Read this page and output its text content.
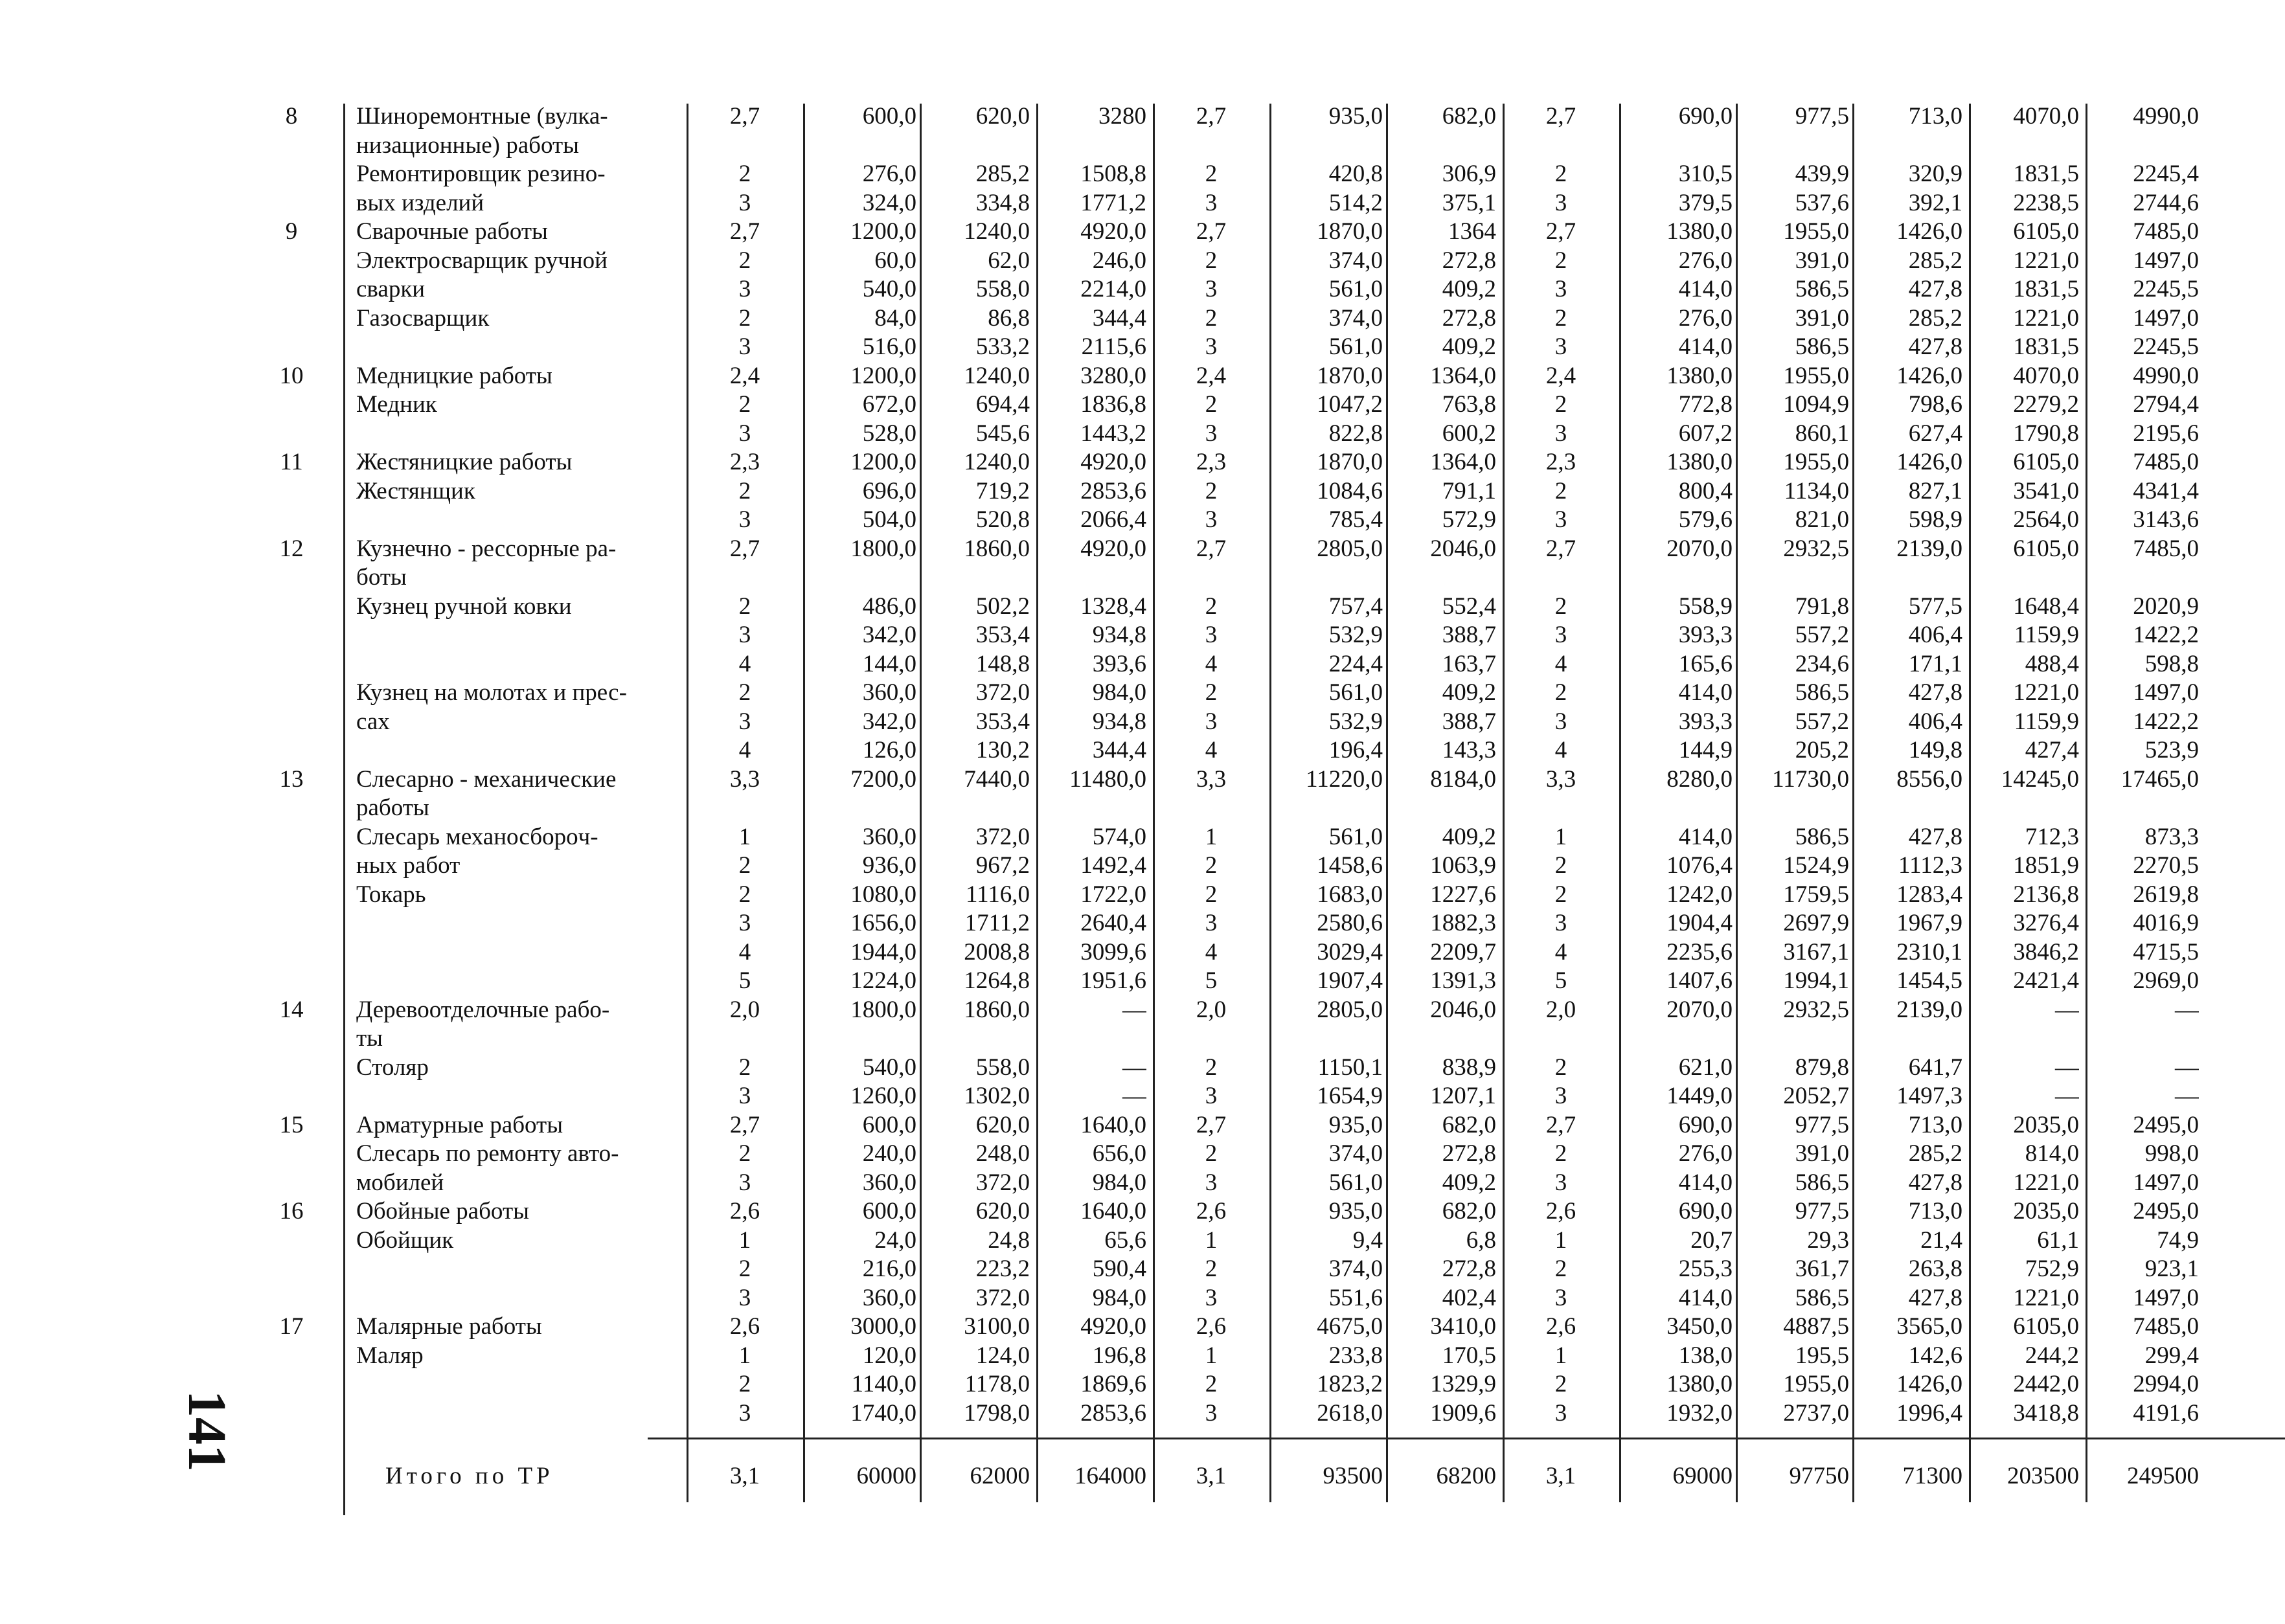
141
8	Шиноремонтные (вулка-	2,7	600,0	620,0	3280	2,7	935,0	682,0	2,7	690,0	977,5	713,0	4070,0	4990,0
низационные) работы
Ремонтировщик резино-	2	276,0	285,2	1508,8	2	420,8	306,9	2	310,5	439,9	320,9	1831,5	2245,4
вых изделий	3	324,0	334,8	1771,2	3	514,2	375,1	3	379,5	537,6	392,1	2238,5	2744,6
9	Сварочные работы	2,7	1200,0	1240,0	4920,0	2,7	1870,0	1364	2,7	1380,0	1955,0	1426,0	6105,0	7485,0
Электросварщик ручной	2	60,0	62,0	246,0	2	374,0	272,8	2	276,0	391,0	285,2	1221,0	1497,0
сварки	3	540,0	558,0	2214,0	3	561,0	409,2	3	414,0	586,5	427,8	1831,5	2245,5
Газосварщик	2	84,0	86,8	344,4	2	374,0	272,8	2	276,0	391,0	285,2	1221,0	1497,0
3	516,0	533,2	2115,6	3	561,0	409,2	3	414,0	586,5	427,8	1831,5	2245,5
10	Медницкие работы	2,4	1200,0	1240,0	3280,0	2,4	1870,0	1364,0	2,4	1380,0	1955,0	1426,0	4070,0	4990,0
Медник	2	672,0	694,4	1836,8	2	1047,2	763,8	2	772,8	1094,9	798,6	2279,2	2794,4
3	528,0	545,6	1443,2	3	822,8	600,2	3	607,2	860,1	627,4	1790,8	2195,6
11	Жестяницкие работы	2,3	1200,0	1240,0	4920,0	2,3	1870,0	1364,0	2,3	1380,0	1955,0	1426,0	6105,0	7485,0
Жестянщик	2	696,0	719,2	2853,6	2	1084,6	791,1	2	800,4	1134,0	827,1	3541,0	4341,4
3	504,0	520,8	2066,4	3	785,4	572,9	3	579,6	821,0	598,9	2564,0	3143,6
12	Кузнечно - рессорные ра-	2,7	1800,0	1860,0	4920,0	2,7	2805,0	2046,0	2,7	2070,0	2932,5	2139,0	6105,0	7485,0
боты
Кузнец ручной ковки	2	486,0	502,2	1328,4	2	757,4	552,4	2	558,9	791,8	577,5	1648,4	2020,9
3	342,0	353,4	934,8	3	532,9	388,7	3	393,3	557,2	406,4	1159,9	1422,2
4	144,0	148,8	393,6	4	224,4	163,7	4	165,6	234,6	171,1	488,4	598,8
Кузнец на молотах и прес-	2	360,0	372,0	984,0	2	561,0	409,2	2	414,0	586,5	427,8	1221,0	1497,0
сах	3	342,0	353,4	934,8	3	532,9	388,7	3	393,3	557,2	406,4	1159,9	1422,2
4	126,0	130,2	344,4	4	196,4	143,3	4	144,9	205,2	149,8	427,4	523,9
13	Слесарно - механические	3,3	7200,0	7440,0	11480,0	3,3	11220,0	8184,0	3,3	8280,0	11730,0	8556,0	14245,0	17465,0
работы
Слесарь механосборoч-	1	360,0	372,0	574,0	1	561,0	409,2	1	414,0	586,5	427,8	712,3	873,3
ных работ	2	936,0	967,2	1492,4	2	1458,6	1063,9	2	1076,4	1524,9	1112,3	1851,9	2270,5
Токарь	2	1080,0	1116,0	1722,0	2	1683,0	1227,6	2	1242,0	1759,5	1283,4	2136,8	2619,8
3	1656,0	1711,2	2640,4	3	2580,6	1882,3	3	1904,4	2697,9	1967,9	3276,4	4016,9
4	1944,0	2008,8	3099,6	4	3029,4	2209,7	4	2235,6	3167,1	2310,1	3846,2	4715,5
5	1224,0	1264,8	1951,6	5	1907,4	1391,3	5	1407,6	1994,1	1454,5	2421,4	2969,0
14	Деревоотделочные рабо-	2,0	1800,0	1860,0	—	2,0	2805,0	2046,0	2,0	2070,0	2932,5	2139,0	—	—
ты
Столяр	2	540,0	558,0	—	2	1150,1	838,9	2	621,0	879,8	641,7	—	—
3	1260,0	1302,0	—	3	1654,9	1207,1	3	1449,0	2052,7	1497,3	—	—
15	Арматурные работы	2,7	600,0	620,0	1640,0	2,7	935,0	682,0	2,7	690,0	977,5	713,0	2035,0	2495,0
Слесарь по ремонту авто-	2	240,0	248,0	656,0	2	374,0	272,8	2	276,0	391,0	285,2	814,0	998,0
мобилей	3	360,0	372,0	984,0	3	561,0	409,2	3	414,0	586,5	427,8	1221,0	1497,0
16	Обойные работы	2,6	600,0	620,0	1640,0	2,6	935,0	682,0	2,6	690,0	977,5	713,0	2035,0	2495,0
Обойщик	1	24,0	24,8	65,6	1	9,4	6,8	1	20,7	29,3	21,4	61,1	74,9
2	216,0	223,2	590,4	2	374,0	272,8	2	255,3	361,7	263,8	752,9	923,1
3	360,0	372,0	984,0	3	551,6	402,4	3	414,0	586,5	427,8	1221,0	1497,0
17	Малярные работы	2,6	3000,0	3100,0	4920,0	2,6	4675,0	3410,0	2,6	3450,0	4887,5	3565,0	6105,0	7485,0
Маляр	1	120,0	124,0	196,8	1	233,8	170,5	1	138,0	195,5	142,6	244,2	299,4
2	1140,0	1178,0	1869,6	2	1823,2	1329,9	2	1380,0	1955,0	1426,0	2442,0	2994,0
3	1740,0	1798,0	2853,6	3	2618,0	1909,6	3	1932,0	2737,0	1996,4	3418,8	4191,6
Итого по ТР	3,1	60000	62000	164000	3,1	93500	68200	3,1	69000	97750	71300	203500	249500
